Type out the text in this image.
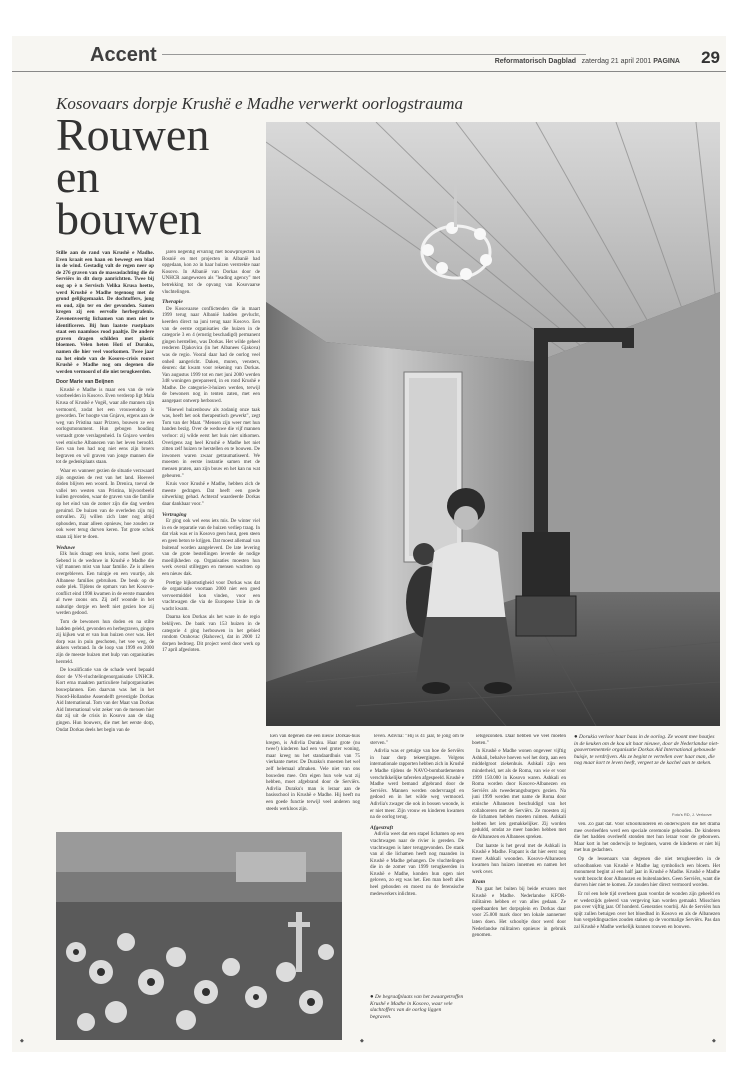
Accent	Reformatorisch Dagblad zaterdag 21 april 2001 PAGINA 29
Kosovaars dorpje Krushë e Madhe verwerkt oorlogstrauma
Rouwen
en
bouwen

Stille aan de rand van Krushë e Madhe. Even kraait een haan en beweegt een blad in de wind. Gestadig valt de regen neer op de 276 graven van de massaslachting die de Serviërs in dit dorp aanrichtten. Twee bij oog op è n Servisch Velika Krusa heette, werd Krushë e Madhe tegenoog met de grond gelijkgemaakt. De dochtoffers, jong en oud, zijn ter en der gevonden. Samen kregen zij een eervolle herbegrafenis. Zevenenveertig lichamen van men niet te identificeren. Bij hun laatste rustplaats staat een naamloos rood paaltje. De andere graven dragen schilden met plastic bloemen. Velen heten Hoti of Duraku, namen die hier veel voorkomen. Twee jaar na het einde van de Kosovo-crisis rouwt Krushë e Madhe nog om degenen die werden vermoord of die niet terugkeerden.

Door Marie van Beijnen

Krushë e Madhe is maar een van de vele voorbeelden in Kosovo. Even verderop ligt Mala Krusa of Krushë e Vogël, waar alle mannen zijn vermoord, zodat het een vrouwendorp is geworden. Ter hoogte van Gnjavo, ergens aan de weg van Pristina naar Prizren, bouwen ze een oorlogsmonument. Hun gebogen houding verraadt grote verslagenheid. In Gnjavo werden veel etnische Albanezen van het leven beroofd. Een van hen had nog niet eens zijn broers begraven en wil graven van jonge mannen die tot de gedenkplaats staan.

Waar en wanneer gezien de situatie verzwaard zijn ongezien de rest van het land. Hoeveel doden blijven een woord. In Drenica, toeval de vallei ten westen van Pristina, bijvoorbeeld kuilen gevonden, waar de graven van die familie op het eind van de zomer zijn die dag werden geruimd. De huizen van de overleden zijn mij ontvallen. Zij willen zich later nog altijd ophouden, maar alleen opnieuw, hoe zouden ze ook weer terug durven keren. Tot grote schok staan zij hier te doen.

Weduwe

Elk huis draagt een kruis, soms heel groot. Sebend is de weduwe in Krushë e Madhe die vijf mannen mist van haar familie. Ze is alleen overgebleven. Een tuinpje en een vuurtje, als Albanese families gebruiken. De beuk op de oude plek. Tijdens de opmars van het Kosovo-conflict eind 1998 kwamen in de eerste maanden al twee zoons om. Zij zelf woonde in het naburige dorpje en heeft niet gezien hoe zij werden gedood.

Tom de bewoners hun doden en na stilte hadden geleld, gevonden en herbegraven, gingen zij kijken wat er van hun huizen over was. Het dorp was in puin geschoten, het vee weg, de akkers verbrand. In de loop van 1999 en 2000 zijn de meeste huizen met hulp van organisaties hersteld.

De kwalificatie van de schade werd bepaald door de VN-vluchtelingenorganisatie UNHCR. Kort erna maakten particuliere hulporganisaties bouwplannen. Een daarvan was het in het Noord-Hollandse Assendelft gevestigde Dorkas Aid International. Tom van der Maat van Dorkas Aid International wist zeker van de mensen hier dat zij uit de crisis in Kosovo aan de slag gingen. Hun bouwers, die met het eerste dorp, Ondat Dorkas deels het begin van de

jaren negentig ervaring met bouwprojecten in Bosnië en met projecten in Albanië had opgedaan, kon zo in haar huizen verstrekte naar Kosovo. In Albanië van Dorkas door de UNHCR aangewezen als "leading agency" met betrekking tot de opvang van Kosovaarse vluchtelingen.

Therapie

De Kosovaarse conflictenden die in maart 1999 terug naar Albanië hadden gevlucht, keerden direct na juni terug naar Kosovo. Een van de eerste organisaties die huizen in de categorie 3 en 4 (ernstig beschadigd) permanent gingen herstellen, was Dorkas. Het wilde geheel renderen Djakovica (in het Albanees Gjakova) was de regio. Vooral daar had de oorlog veel onheil aangericht. Daken, muren, vensters, deuren: dat kwam voor rekening van Dorkas. Van augustus 1999 tot en met juni 2000 werden 348 woningen gerepareerd, in en rond Krushë e Madhe. De categorie-3-huizen werden, terwijl de bewoners nog in tenten zaten, met een aangepast ontwerp herbouwd.

"Hoewel huizenbouw als zodanig onze taak was, heeft het ook therapeutisch gewerkt", zegt Tom van der Maat. "Mensen zijn weer met hun handen bezig. Over de weduwe die vijf mannen verloor: zij wilde eerst het huis niet uitkomen. Overigens zag heel Krushë e Madhe het niet zitten zelf huizen te herstellen en te bouwen. De inwoners waren zwaar getraumatiseerd. We moesten in eerste instantie samen met de mensen praten, aan zijn bouw en het kan nu wat gebeuren."

Kruis voor Krushë e Madhe, hebben zich de meeste gedragen. Dat heeft een goede uitwerking gehad. Achteraf waardeerde Dorkas daar dankbaar voor."

Vertraging

Er ging ook wel eens iets mis. De winter viel in en de reparatie van de huizen verliep traag. In dat vlak was er in Kosovo geen hout, geen steen en geen beton te krijgen. Dat moest allemaal van buitenaf worden aangeleverd. De late levering van de grote bestellingen leverde de nodige moeilijkheden op. Organisaties moesten hun werk overal stilleggen en mensen wachten op een nieuw dak.

Prettige bijkomstigheid voor Dorkas was dat de organisatie voortaan 2000 niet een goed vervoermiddel kon vinden, voor een vrachtwagen die via de Europese Unie in de wacht kwam.

Daarna kon Dorkas als het ware in de regio beklijven. De bank van 153 huizen in de categorie 4 ging herbouwen in het gebied rondom Orahovac (Rahovec), dat in 2000 12 dorpen bedroeg. Dit project werd door werk op 17 april afgesloten.

Een van degenen die een nieuw Dorkas-huis kregen, is Adivlia Duraku. Haar grote (nu twee!) kinderen had een veel groter woning, maar kreeg nu het standaardhuis van 75 vierkante meter. De Duraku's moesten het wel zelf helemaal afmaken. Vele niet van ons bouwden mee. Om eigen hun vele wat zij hebben, moet afgebrand door de Serviërs. Adivlia Duraku's man is leraar aan de basisschool in Krushë e Madhe. Hij heeft nu een goede functie terwijl veel anderen nog steeds werkloos zijn.

leven. Adivlia: "Hij is 41 jaar, te jong om te sterven."

Adivlia was er getuige van hoe de Serviërs in haar dorp tekeergingen. Volgens internationale rapporten hebben zich in Krushë e Madhe tijdens de NAVO-bombardementen verschrikkelijke taferelen afgespeeld. Krushë e Madhe werd bemand afgebrand door de Serviërs. Mannen werden ondervraagd en gedood en in het wilde weg vermoord. Adivlia's zwager die ook in bossen woonde, is er niet meer. Zijn vrouw en kinderen kwamen na de oorlog terug.

Afgestraft

Adivlia weet dat een stapel lichamen op een vrachtwagen naar de rivier is gereden. De vrachtwagen is later teruggevonden. De stank van al die lichamen heeft nog maanden in Krushë e Madhe gehangen. De vluchtelingen die in de zomer van 1999 terugkeerden in Krushë e Madhe, konden hun ogen niet geloven, zo erg was het. Een man heeft alles heel gehouden en moest nu de ferensische medewerkers inlichten.

● De begraafplaats van het zwaargetroffen Krushë e Madhe in Kosovo, waar vele slachtoffers van de oorlog liggen begraven.

ietsgezonden. Daar hebben we veel moeten boeten."

In Krushë e Madhe wonen ongeveer vijftig Ashkali, behalve hoeven wel het dorp, aan een middelgroot ziekenhuis. Ashkali zijn een minderheid, net als de Roma, van wie er voor 1999 150.000 in Kosovo waren. Ashkali en Roma worden door Kosovo-Albanezen en Serviërs als tweederangsburgers gezien. Na juni 1999 werden met name de Roma door etnische Albanezen beschuldigd van het collaboreren met de Serviërs. Ze moesten zij de lichamen hebben moeten ruimen. Ashkali hebben het iets gemakkelijker. Zij worden geduldd, omdat ze meer banden hebben met de Albanezen en Albanees spreken.

Dat laatste is het geval met de Ashkali in Krushë e Madhe. Frapant is dat hier eerst nog meer Ashkali woonden. Kosovo-Albanezen kwamen hun huizen innemen en namen het werk over.

Kram

Na gaat het buiten bij beide ervaren met Krushë e Madhe. Nederlandse KFOR-militairen hebben er van alles gedaan. Ze speelbaarden het dorpsplein en Dorkas daar voor 25.000 mark door ten lokale aannemer laten doen. Het schooltje door werd door Nederlandse militairen opnieuw in gebruik genomen.

● Dorukia verloor haar baas in de oorlog. Ze woont mee houtjes in de keuken om de kou uit haar nieuwe, door de Nederlandse niet-gouvernementele organisatie Dorkas Aid International gebouwde huisje, te verdrijven. Als ze begint te vertellen over haar man, die nog maar kort te leven heeft, vergeet ze de kachel aan te steken.
Foto's RD, J. Verloove

ven. Zo gaat dat. Voor schoolkinderen en onderwijzers die het drama mee overleefden werd een speciale ceremonie gehouden. De kinderen die het hadden overleefd stonden met hun leraar voor de gebouwen. Maar kort in het onderwijs te beginnen, waren de kinderen er niet bij met hun gedachten.

Op de lessenaars van degenen die niet terugkeerden in de schoolbanken van Krushë e Madhe lag symbolisch een bloem. Het monument begint al een half jaar in Krushë e Madhe. Krushë e Madhe wordt bezocht door Albanezen en buitenlanders. Geen Serviërs, want die durven hier niet te komen. Ze zouden hier direct vermoord worden.

Er rol een hele tijd overheen gaan voordat de wonden zijn geheeld en er wederzijds geleerd van vergeving kan worden gemaakt. Misschien pas over vijftig jaar. Of honderd. Generaties voorbij. Als de Serviërs hun spijt zullen betuigen over het bloedbad in Kosovo en als de Albanezen hun vergeldingsacties zouden staken op de voormalige Serviërs. Pas dan zal Krushë e Madhe werkelijk kunnen rouwen en bouwen.

◆	◆	◆
